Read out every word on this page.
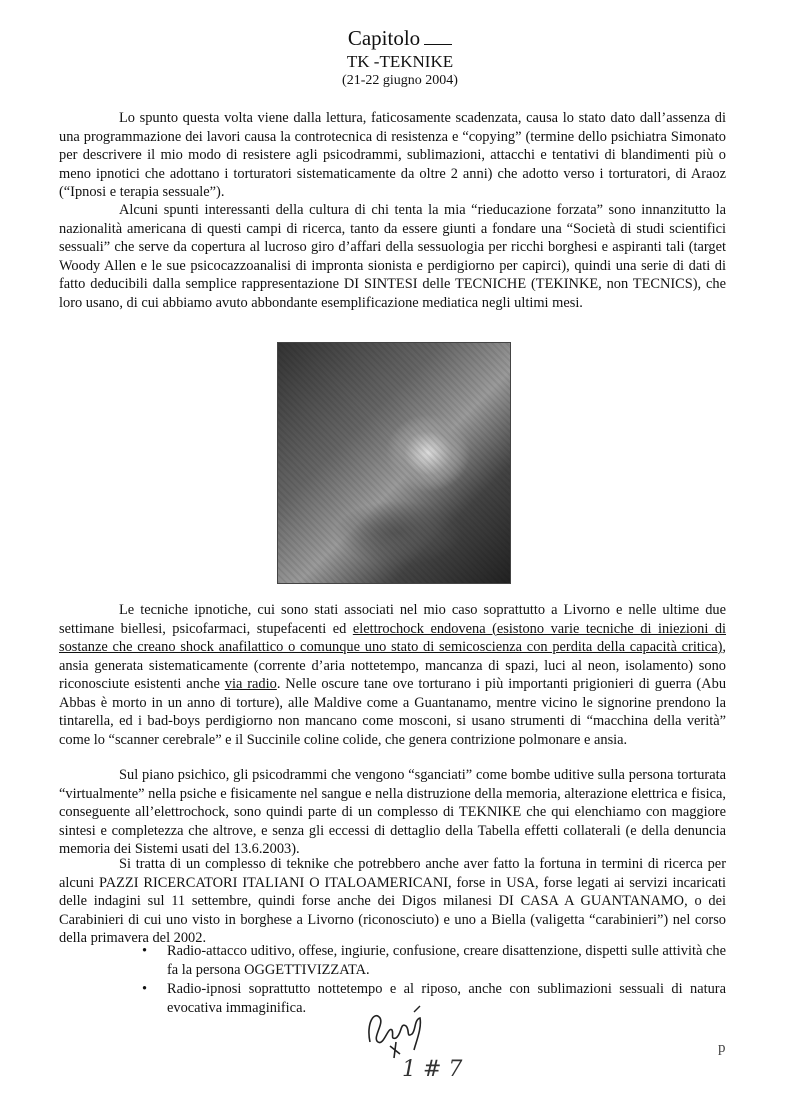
Capitolo
TK -TEKNIKE
(21-22 giugno 2004)

Lo spunto questa volta viene dalla lettura, faticosamente scadenzata, causa lo stato dato dall’assenza di una programmazione dei lavori causa la controtecnica di resistenza e “copying” (termine dello psichiatra Simonato per descrivere il mio modo di resistere agli psicodrammi, sublimazioni, attacchi e tentativi di blandimenti più o meno ipnotici che adottano i torturatori sistematicamente da oltre 2 anni) che adotto verso i torturatori, di Araoz (“Ipnosi e terapia sessuale”).

Alcuni spunti interessanti della cultura di chi tenta la mia “rieducazione forzata” sono innanzitutto la nazionalità americana di questi campi di ricerca, tanto da essere giunti a fondare una “Società di studi scientifici sessuali” che serve da copertura al lucroso giro d’affari della sessuologia per ricchi borghesi e aspiranti tali (target Woody Allen e le sue psicocazzoanalisi di impronta sionista e perdigiorno per capirci), quindi una serie di dati di fatto deducibili dalla semplice rappresentazione DI SINTESI delle TECNICHE (TEKINKE, non TECNICS), che loro usano, di cui abbiamo avuto abbondante esemplificazione mediatica negli ultimi mesi.

Le tecniche ipnotiche, cui sono stati associati nel mio caso soprattutto a Livorno e nelle ultime due settimane biellesi, psicofarmaci, stupefacenti ed elettrochock endovena (esistono varie tecniche di iniezioni di sostanze che creano shock anafilattico o comunque uno stato di semicoscienza con perdita della capacità critica), ansia generata sistematicamente (corrente d’aria nottetempo, mancanza di spazi, luci al neon, isolamento) sono riconosciute esistenti anche via radio. Nelle oscure tane ove torturano i più importanti prigionieri di guerra (Abu Abbas è morto in un anno di torture), alle Maldive come a Guantanamo, mentre vicino le signorine prendono la tintarella, ed i bad-boys perdigiorno non mancano come mosconi, si usano strumenti di “macchina della verità” come lo “scanner cerebrale” e il Succinile coline colide, che genera contrizione polmonare e ansia.

Sul piano psichico, gli psicodrammi che vengono “sganciati” come bombe uditive sulla persona torturata “virtualmente” nella psiche e fisicamente nel sangue e nella distruzione della memoria, alterazione elettrica e fisica, conseguente all’elettrochock, sono quindi parte di un complesso di TEKNIKE che qui elenchiamo con maggiore sintesi e completezza che altrove, e senza gli eccessi di dettaglio della Tabella effetti collaterali (e della denuncia memoria dei Sistemi usati del 13.6.2003).

Si tratta di un complesso di teknike che potrebbero anche aver fatto la fortuna in termini di ricerca per alcuni PAZZI RICERCATORI ITALIANI O ITALOAMERICANI, forse in USA, forse legati ai servizi incaricati delle indagini sul 11 settembre, quindi forse anche dei Digos milanesi DI CASA A GUANTANAMO, o dei Carabinieri di cui uno visto in borghese a Livorno (riconosciuto) e uno a Biella (valigetta “carabinieri”) nel corso della primavera del 2002.

• Radio-attacco uditivo, offese, ingiurie, confusione, creare disattenzione, dispetti sulle attività che fa la persona OGGETTIVIZZATA.
• Radio-ipnosi soprattutto nottetempo e al riposo, anche con sublimazioni sessuali di natura evocativa immaginifica.
1 # 7
p
